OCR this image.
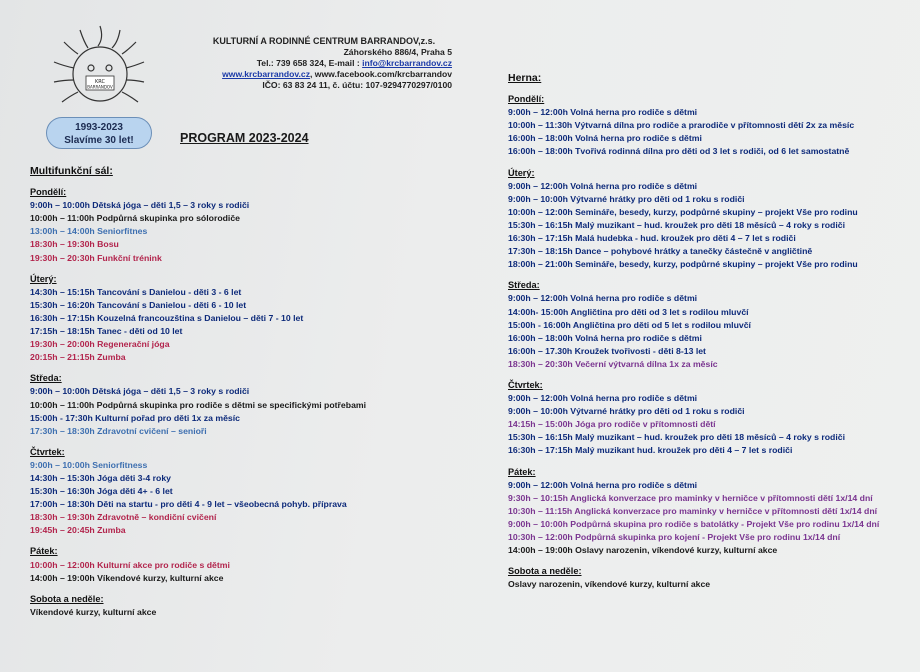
KRC
BARRANDOV
1993-2023
Slavíme 30 let!
KULTURNÍ A RODINNÉ CENTRUM BARRANDOV,z.s.
Záhorského 886/4, Praha 5
Tel.: 739 658 324, E-mail : info@krcbarrandov.cz
www.krcbarrandov.cz, www.facebook.com/krcbarrandov
IČO: 63 83 24 11, č. účtu: 107-9294770297/0100
PROGRAM 2023-2024
Multifunkční sál:
Pondělí:
9:00h – 10:00h Dětská jóga – děti 1,5 – 3 roky s rodiči
10:00h – 11:00h Podpůrná skupinka pro sólorodiče
13:00h – 14:00h Seniorfitnes
18:30h – 19:30h Bosu
19:30h – 20:30h Funkční trénink
Úterý:
14:30h – 15:15h Tancování s Danielou - děti 3 - 6 let
15:30h – 16:20h Tancování s Danielou - děti 6 - 10 let
16:30h – 17:15h Kouzelná francouzština s Danielou – děti 7 - 10 let
17:15h – 18:15h Tanec - děti od 10 let
19:30h – 20:00h Regenerační jóga
20:15h – 21:15h Zumba
Středa:
9:00h – 10:00h Dětská jóga – děti 1,5 – 3 roky s rodiči
10:00h – 11:00h Podpůrná skupinka pro rodiče s dětmi se specifickými potřebami
15:00h - 17:30h Kulturní pořad pro děti 1x za měsíc
17:30h – 18:30h Zdravotní cvičení – senioři
Čtvrtek:
9:00h – 10:00h Seniorfitness
14:30h – 15:30h Jóga děti 3-4 roky
15:30h – 16:30h Jóga děti 4+ - 6 let
17:00h – 18:30h Děti na startu - pro děti 4 - 9 let – všeobecná pohyb. příprava
18:30h – 19:30h Zdravotně – kondiční cvičení
19:45h – 20:45h Zumba
Pátek:
10:00h – 12:00h Kulturní akce pro rodiče s dětmi
14:00h – 19:00h Víkendové kurzy, kulturní akce
Sobota a neděle:
Víkendové kurzy, kulturní akce
Herna:
Pondělí:
9:00h – 12:00h Volná herna pro rodiče s dětmi
10:00h – 11:30h Výtvarná dílna pro rodiče a prarodiče v přítomnosti dětí 2x za měsíc
16:00h – 18:00h Volná herna pro rodiče s dětmi
16:00h – 18:00h Tvořivá rodinná dílna pro děti od 3 let s rodiči, od 6 let samostatně
Úterý:
9:00h – 12:00h Volná herna pro rodiče s dětmi
9:00h – 10:00h Výtvarné hrátky pro děti od 1 roku s rodiči
10:00h – 12:00h Semináře, besedy, kurzy, podpůrné skupiny – projekt Vše pro rodinu
15:30h – 16:15h Malý muzikant – hud. kroužek pro děti 18 měsíců – 4 roky s rodiči
16:30h – 17:15h Malá hudebka - hud. kroužek pro děti 4 – 7 let s rodiči
17:30h – 18:15h Dance – pohybové hrátky a tanečky částečně v angličtině
18:00h – 21:00h Semináře, besedy, kurzy, podpůrné skupiny – projekt Vše pro rodinu
Středa:
9:00h – 12:00h Volná herna pro rodiče s dětmi
14:00h- 15:00h Angličtina pro děti od 3 let s rodilou mluvčí
15:00h - 16:00h Angličtina pro děti od 5 let s rodilou mluvčí
16:00h – 18:00h Volná herna pro rodiče s dětmi
16:00h – 17.30h Kroužek tvořivosti - děti 8-13 let
18:30h – 20:30h Večerní výtvarná dílna 1x za měsíc
Čtvrtek:
9:00h – 12:00h Volná herna pro rodiče s dětmi
9:00h – 10:00h Výtvarné hrátky pro děti od 1 roku s rodiči
14:15h – 15:00h Jóga pro rodiče v přítomnosti dětí
15:30h – 16:15h Malý muzikant – hud. kroužek pro děti 18 měsíců – 4 roky s rodiči
16:30h – 17:15h Malý muzikant hud. kroužek pro děti 4 – 7 let s rodiči
Pátek:
9:00h – 12:00h Volná herna pro rodiče s dětmi
9:30h – 10:15h Anglická konverzace pro maminky v herničce v přítomnosti dětí 1x/14 dní
10:30h – 11:15h Anglická konverzace pro maminky v herničce v přítomnosti dětí 1x/14 dní
9:00h – 10:00h Podpůrná skupina pro rodiče s batolátky - Projekt Vše pro rodinu 1x/14 dní
10:30h – 12:00h Podpůrná skupinka pro kojení - Projekt Vše pro rodinu 1x/14 dní
14:00h – 19:00h Oslavy narozenin, víkendové kurzy, kulturní akce
Sobota a neděle:
Oslavy narozenin, víkendové kurzy, kulturní akce
